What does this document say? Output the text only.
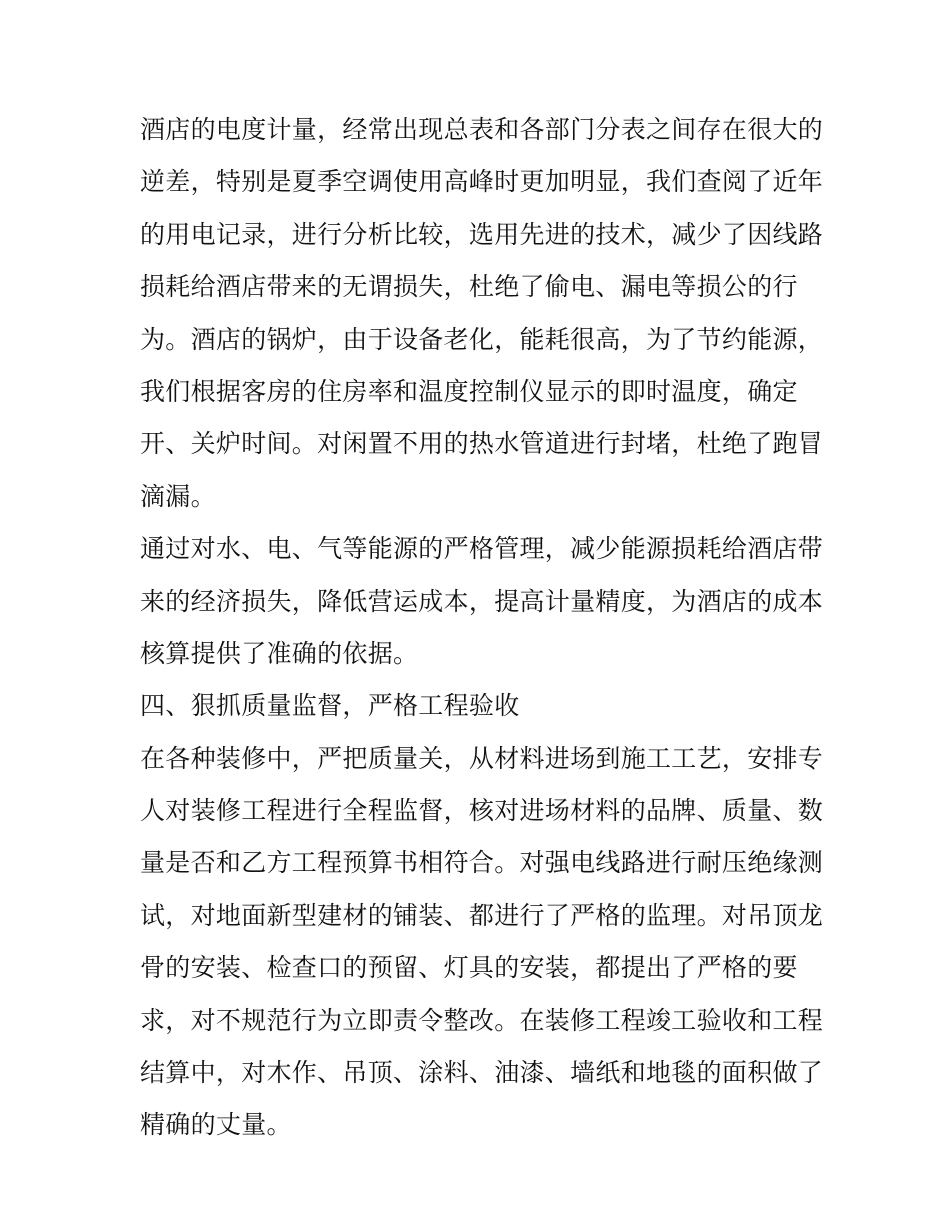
酒店的电度计量，经常出现总表和各部门分表之间存在很大的
逆差，特别是夏季空调使用高峰时更加明显，我们查阅了近年
的用电记录，进行分析比较，选用先进的技术，减少了因线路
损耗给酒店带来的无谓损失，杜绝了偷电、漏电等损公的行
为。酒店的锅炉，由于设备老化，能耗很高，为了节约能源，
我们根据客房的住房率和温度控制仪显示的即时温度，确定
开、关炉时间。对闲置不用的热水管道进行封堵，杜绝了跑冒
滴漏。
通过对水、电、气等能源的严格管理，减少能源损耗给酒店带
来的经济损失，降低营运成本，提高计量精度，为酒店的成本
核算提供了准确的依据。
四、狠抓质量监督，严格工程验收
在各种装修中，严把质量关，从材料进场到施工工艺，安排专
人对装修工程进行全程监督，核对进场材料的品牌、质量、数
量是否和乙方工程预算书相符合。对强电线路进行耐压绝缘测
试，对地面新型建材的铺装、都进行了严格的监理。对吊顶龙
骨的安装、检查口的预留、灯具的安装，都提出了严格的要
求，对不规范行为立即责令整改。在装修工程竣工验收和工程
结算中，对木作、吊顶、涂料、油漆、墙纸和地毯的面积做了
精确的丈量。
